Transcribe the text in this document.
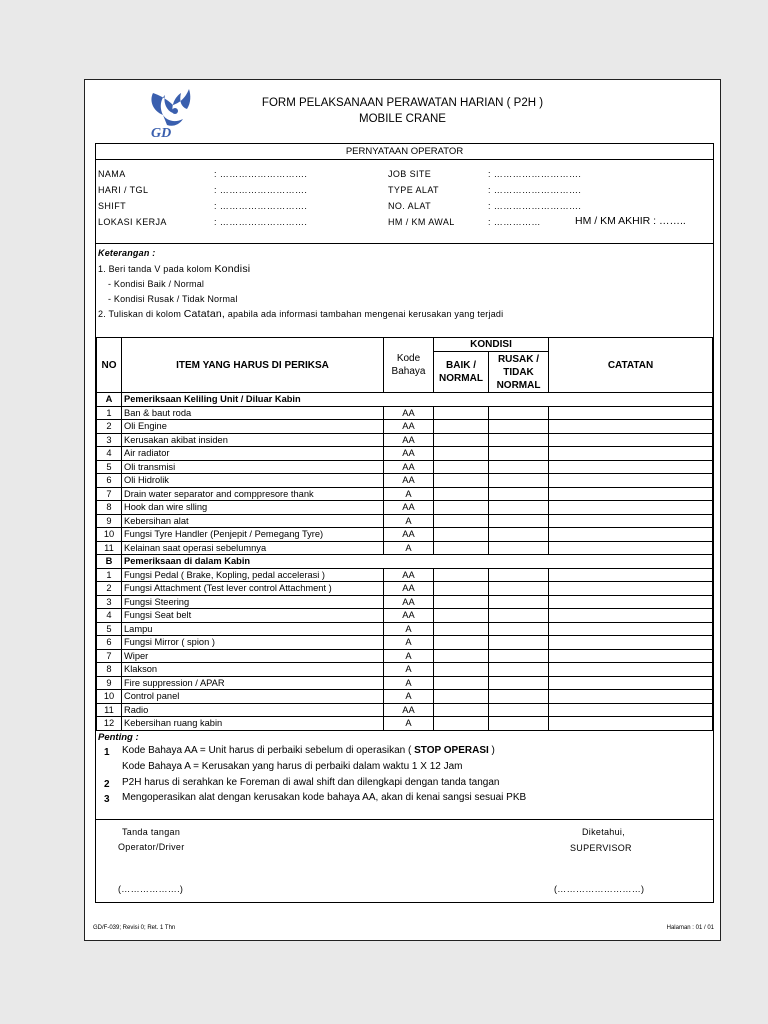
GD
FORM PELAKSANAAN PERAWATAN HARIAN ( P2H )
MOBILE CRANE
PERNYATAAN OPERATOR
NAMA	: ……………………….
HARI / TGL	: ……………………….
SHIFT	: ……………………….
LOKASI KERJA	: ……………………….
JOB SITE	: ……………………….
TYPE ALAT	: ……………………….
NO. ALAT	: ……………………….
HM / KM AWAL	: ……………	HM / KM AKHIR : ……..
Keterangan :
1. Beri tanda V pada kolom Kondisi
- Kondisi Baik / Normal
- Kondisi Rusak / Tidak Normal
2. Tuliskan di kolom Catatan, apabila ada informasi tambahan mengenai kerusakan yang terjadi
NO	ITEM YANG HARUS DI PERIKSA	Kode Bahaya	KONDISI		CATATAN
			BAIK / NORMAL	RUSAK / TIDAK NORMAL	
A	Pemeriksaan Keliling Unit / Diluar Kabin				
1	Ban & baut roda	AA			
2	Oli Engine	AA			
3	Kerusakan akibat insiden	AA			
4	Air radiator	AA			
5	Oli transmisi	AA			
6	Oli Hidrolik	AA			
7	Drain water separator and comppresore thank	A			
8	Hook dan wire slling	AA			
9	Kebersihan alat	A			
10	Fungsi Tyre Handler (Penjepit / Pemegang Tyre)	AA			
11	Kelainan saat operasi sebelumnya	A			
B	Pemeriksaan di dalam Kabin				
1	Fungsi Pedal ( Brake, Kopling, pedal accelerasi )	AA			
2	Fungsi Attachment (Test lever control Attachment )	AA			
3	Fungsi Steering	AA			
4	Fungsi Seat belt	AA			
5	Lampu	A			
6	Fungsi Mirror ( spion )	A			
7	Wiper	A			
8	Klakson	A			
9	Fire suppression / APAR	A			
10	Control panel	A			
11	Radio	AA			
12	Kebersihan ruang kabin	A			
Penting :
1 Kode Bahaya AA = Unit harus di perbaiki sebelum di operasikan ( STOP OPERASI )
Kode Bahaya A = Kerusakan yang harus di perbaiki dalam waktu 1 X 12 Jam
2 P2H harus di serahkan ke Foreman di awal shift dan dilengkapi dengan tanda tangan
3 Mengoperasikan alat dengan kerusakan kode bahaya AA, akan di kenai sangsi sesuai PKB
Tanda tangan
Operator/Driver
(……………….)
Diketahui,
SUPERVISOR
(………………………)
GD/F-039; Revisi 0; Ret. 1 Thn	Halaman : 01 / 01
